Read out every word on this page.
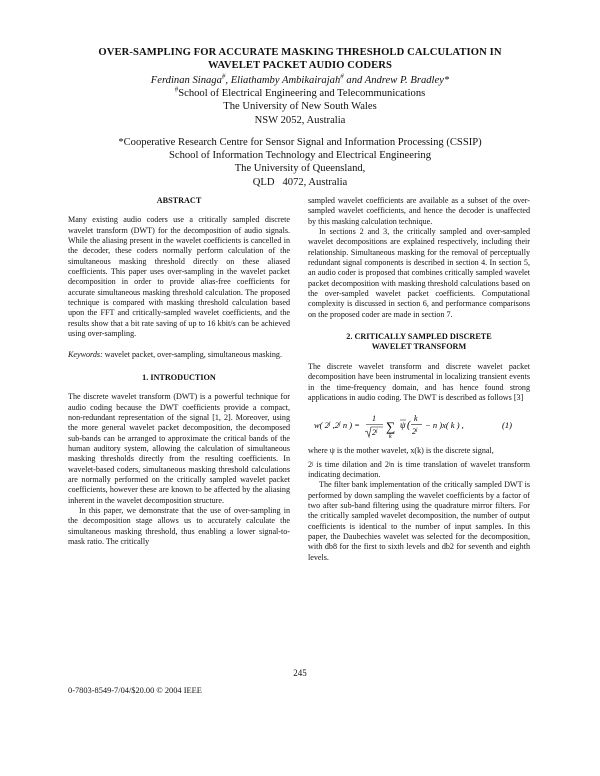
OVER-SAMPLING FOR ACCURATE MASKING THRESHOLD CALCULATION IN
WAVELET PACKET AUDIO CODERS
Ferdinan Sinaga#, Eliathamby Ambikairajah# and Andrew P. Bradley*
#School of Electrical Engineering and Telecommunications
The University of New South Wales
NSW 2052, Australia
*Cooperative Research Centre for Sensor Signal and Information Processing (CSSIP)
School of Information Technology and Electrical Engineering
The University of Queensland,
QLD   4072, Australia

ABSTRACT

Many existing audio coders use a critically sampled discrete wavelet transform (DWT) for the decomposition of audio signals. While the aliasing present in the wavelet coefficients is cancelled in the decoder, these coders normally perform calculation of the simultaneous masking threshold directly on these aliased coefficients. This paper uses over-sampling in the wavelet packet decomposition in order to provide alias-free coefficients for accurate simultaneous masking threshold calculation. The proposed technique is compared with masking threshold calculation based upon the FFT and critically-sampled wavelet coefficients, and the results show that a bit rate saving of up to 16 kbit/s can be achieved using over-sampling.

Keywords: wavelet packet, over-sampling, simultaneous masking.

1. INTRODUCTION

The discrete wavelet transform (DWT) is a powerful technique for audio coding because the DWT coefficients provide a compact, non-redundant representation of the signal [1, 2]. Moreover, using the more general wavelet packet decomposition, the decomposed sub-bands can be arranged to approximate the critical bands of the human auditory system, allowing the calculation of simultaneous masking thresholds directly from the resulting coefficients. In wavelet-based coders, simultaneous masking threshold calculations are normally performed on the critically sampled wavelet packet coefficients, however these are known to be affected by the aliasing inherent in the wavelet decomposition structure.

In this paper, we demonstrate that the use of over-sampling in the decomposition stage allows us to accurately calculate the simultaneous masking threshold, thus enabling a lower signal-to-mask ratio. The critically

sampled wavelet coefficients are available as a subset of the over-sampled wavelet coefficients, and hence the decoder is unaffected by this masking calculation technique.

In sections 2 and 3, the critically sampled and over-sampled wavelet decompositions are explained respectively, including their relationship. Simultaneous masking for the removal of perceptually redundant signal components is described in section 4. In section 5, an audio coder is proposed that combines critically sampled wavelet packet decomposition with masking threshold calculations based on the over-sampled wavelet packet coefficients. Computational complexity is discussed in section 6, and performance comparisons on the proposed coder are made in section 7.

2. CRITICALLY SAMPLED DISCRETE
WAVELET TRANSFORM

The discrete wavelet transform and discrete wavelet packet decomposition have been instrumental in localizing transient events in the time-frequency domain, and has hence found strong applications in audio coding. The DWT is described as follows [3]

w( 2$^j$ ,2$^j$ n ) =
1
2$^j$ ∑
k
ψ (
k
$2^j - n$ )x( k ) ,	(1)

where ψ is the mother wavelet, x(k) is the discrete signal,

2ʲ is time dilation and 2ʲn is time translation of wavelet transform indicating decimation.

The filter bank implementation of the critically sampled DWT is performed by down sampling the wavelet coefficients by a factor of two after sub-band filtering using the quadrature mirror filters. For the critically sampled wavelet decomposition, the number of output coefficients is identical to the number of input samples. In this paper, the Daubechies wavelet was selected for the decomposition, with db8 for the first to sixth levels and db2 for seventh and eighth levels.

245
0-7803-8549-7/04/$20.00 © 2004 IEEE
